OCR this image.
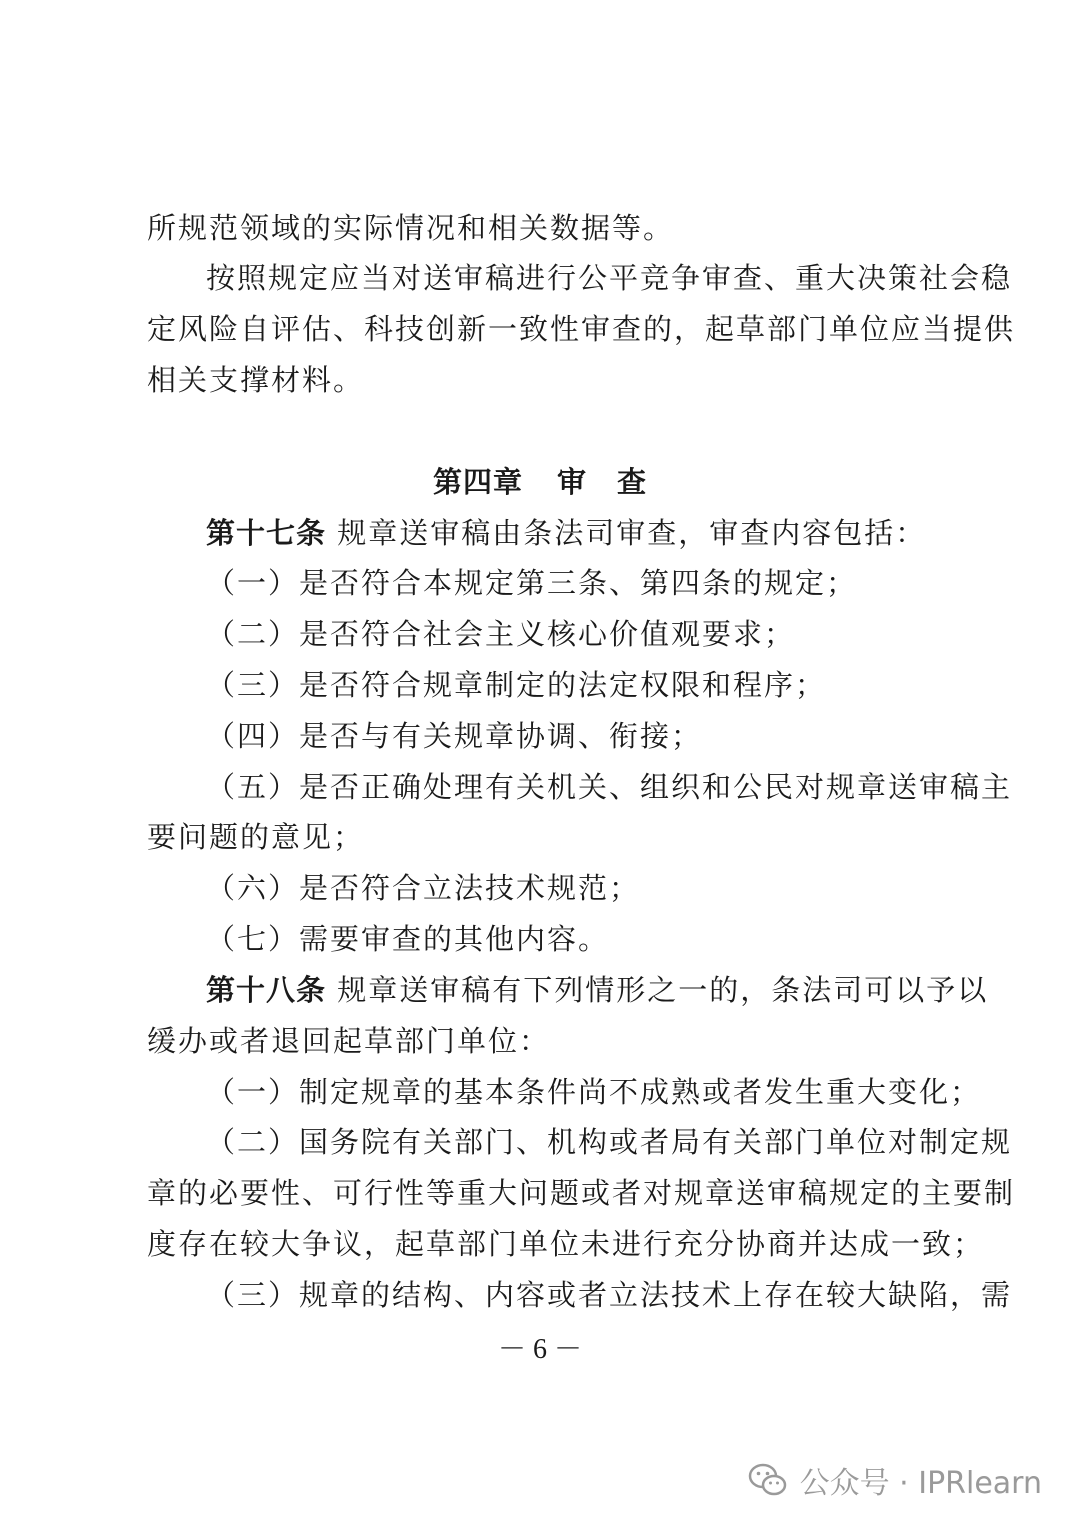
所规范领域的实际情况和相关数据等。
按照规定应当对送审稿进行公平竞争审查、重大决策社会稳
定风险自评估、科技创新一致性审查的，起草部门单位应当提供
相关支撑材料。
第四章 审　查
第十七条 规章送审稿由条法司审查，审查内容包括：
（一）是否符合本规定第三条、第四条的规定；
（二）是否符合社会主义核心价值观要求；
（三）是否符合规章制定的法定权限和程序；
（四）是否与有关规章协调、衔接；
（五）是否正确处理有关机关、组织和公民对规章送审稿主
要问题的意见；
（六）是否符合立法技术规范；
（七）需要审查的其他内容。
第十八条 规章送审稿有下列情形之一的，条法司可以予以
缓办或者退回起草部门单位：
（一）制定规章的基本条件尚不成熟或者发生重大变化；
（二）国务院有关部门、机构或者局有关部门单位对制定规
章的必要性、可行性等重大问题或者对规章送审稿规定的主要制
度存在较大争议，起草部门单位未进行充分协商并达成一致；
（三）规章的结构、内容或者立法技术上存在较大缺陷，需
－ 6 －
公众号 · IPRlearn
